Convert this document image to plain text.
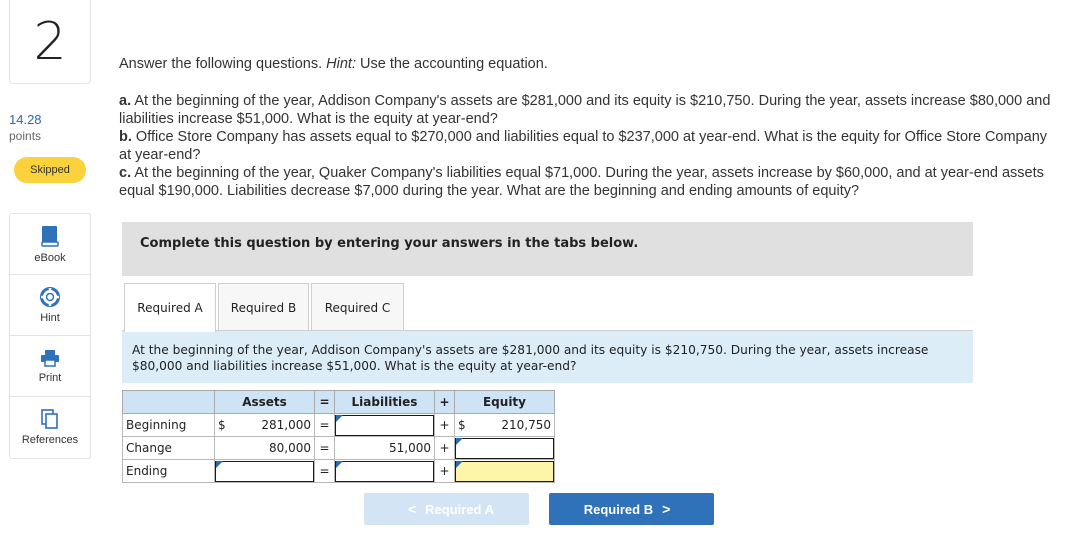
2
14.28
points
Skipped
eBook
Hint
Print
References
Answer the following questions. Hint: Use the accounting equation.
a. At the beginning of the year, Addison Company's assets are $281,000 and its equity is $210,750. During the year, assets increase $80,000 and liabilities increase $51,000. What is the equity at year-end?
b. Office Store Company has assets equal to $270,000 and liabilities equal to $237,000 at year-end. What is the equity for Office Store Company at year-end?
c. At the beginning of the year, Quaker Company's liabilities equal $71,000. During the year, assets increase by $60,000, and at year-end assets equal $190,000. Liabilities decrease $7,000 during the year. What are the beginning and ending amounts of equity?
Complete this question by entering your answers in the tabs below.
Required A	Required B	Required C
At the beginning of the year, Addison Company's assets are $281,000 and its equity is $210,750. During the year, assets increase $80,000 and liabilities increase $51,000. What is the equity at year-end?
	Assets		=	Liabilities	+	Equity	
Beginning	$	281,000	=		+	$	210,750
Change		80,000	=	51,000	+	

Ending			=		+	
< Required A	Required B >
